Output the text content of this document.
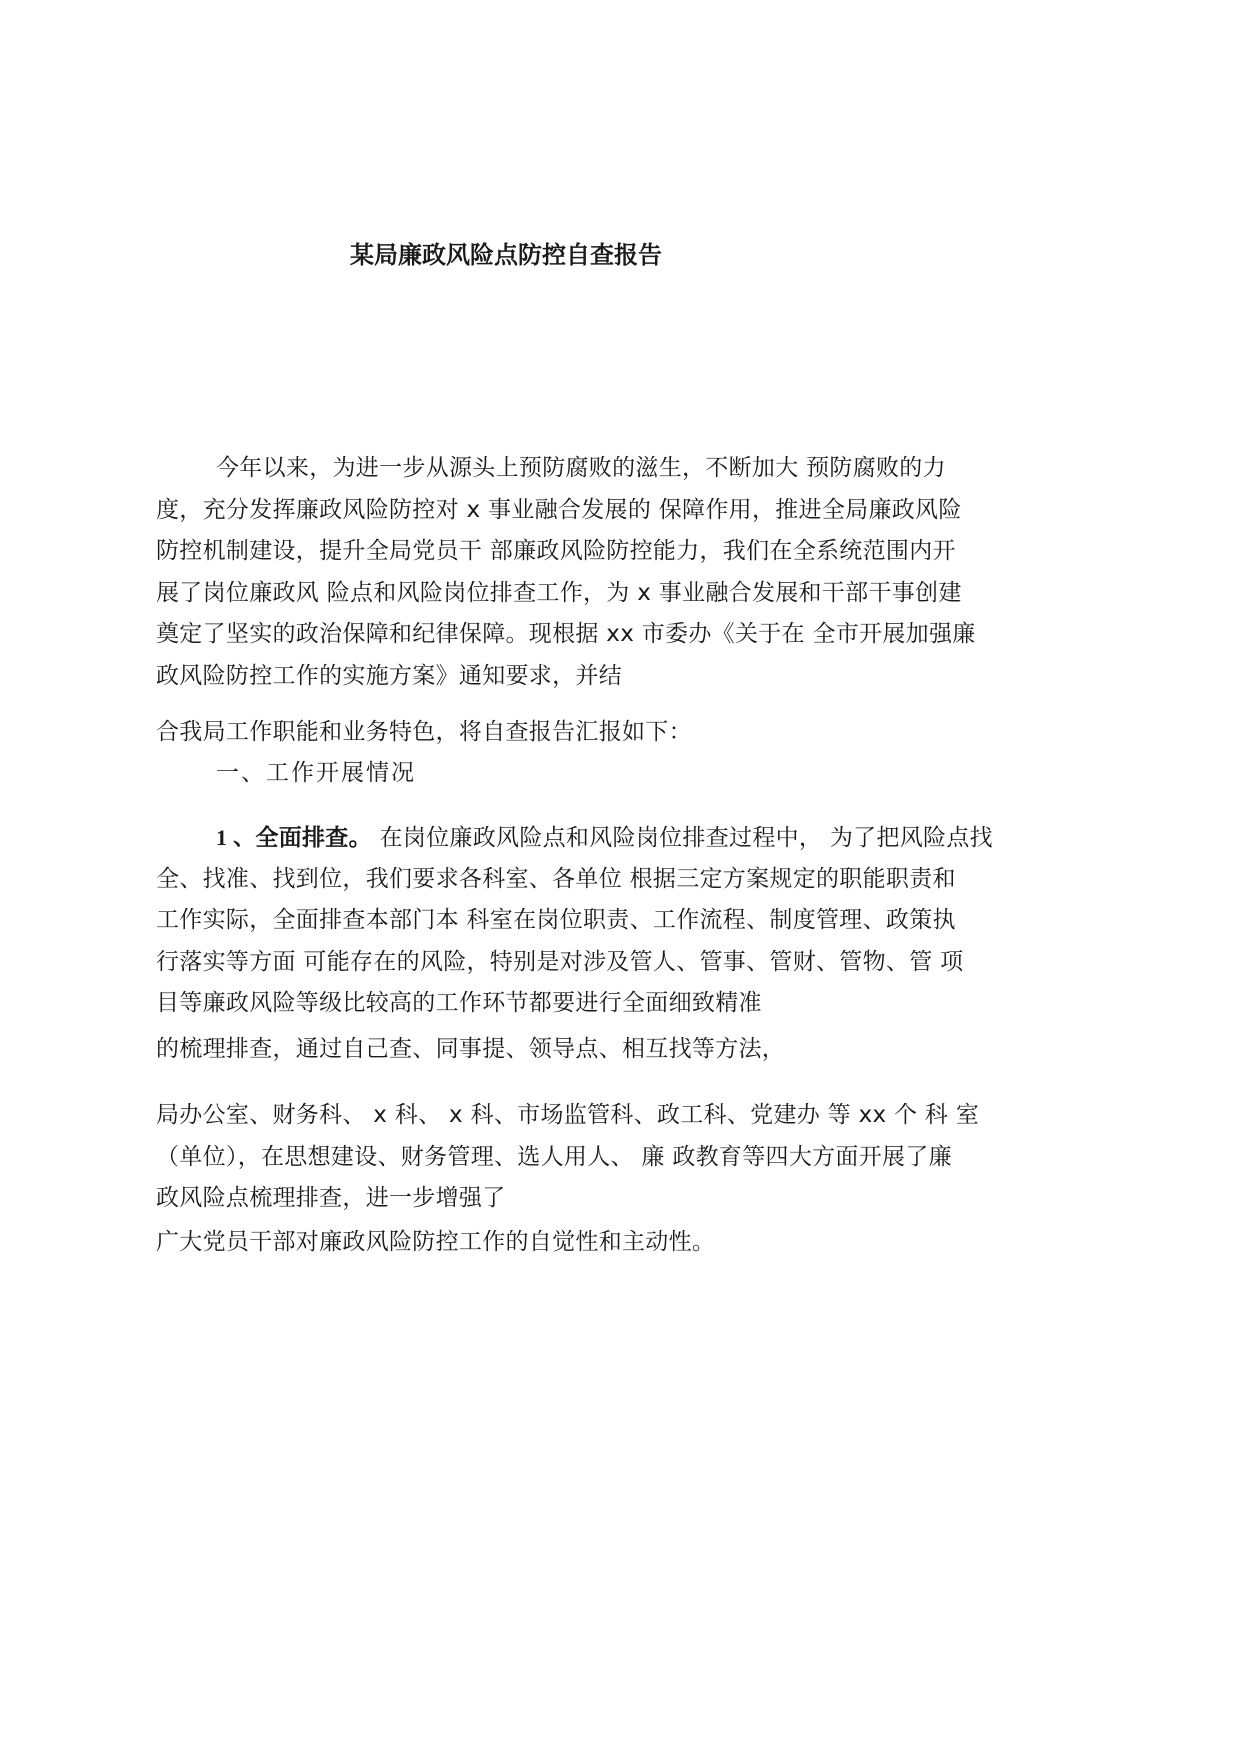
某局廉政风险点防控自查报告
今年以来，为进一步从源头上预防腐败的滋生，不断加大 预防腐败的力
度，充分发挥廉政风险防控对 x 事业融合发展的 保障作用，推进全局廉政风险
防控机制建设，提升全局党员干 部廉政风险防控能力，我们在全系统范围内开
展了岗位廉政风 险点和风险岗位排查工作，为 x 事业融合发展和干部干事创建
奠定了坚实的政治保障和纪律保障。现根据 xx 市委办《关于在 全市开展加强廉
政风险防控工作的实施方案》通知要求，并结
合我局工作职能和业务特色，将自查报告汇报如下：
一、工作开展情况
1 、全面排查。 在岗位廉政风险点和风险岗位排查过程中， 为了把风险点找
全、找准、找到位，我们要求各科室、各单位 根据三定方案规定的职能职责和
工作实际，全面排查本部门本 科室在岗位职责、工作流程、制度管理、政策执
行落实等方面 可能存在的风险，特别是对涉及管人、管事、管财、管物、管 项
目等廉政风险等级比较高的工作环节都要进行全面细致精准
的梳理排查，通过自己查、同事提、领导点、相互找等方法，
局办公室、财务科、 x 科、 x 科、市场监管科、政工科、党建办 等 xx 个 科 室
（单位），在思想建设、财务管理、选人用人、 廉 政教育等四大方面开展了廉
政风险点梳理排查，进一步增强了
广大党员干部对廉政风险防控工作的自觉性和主动性。
